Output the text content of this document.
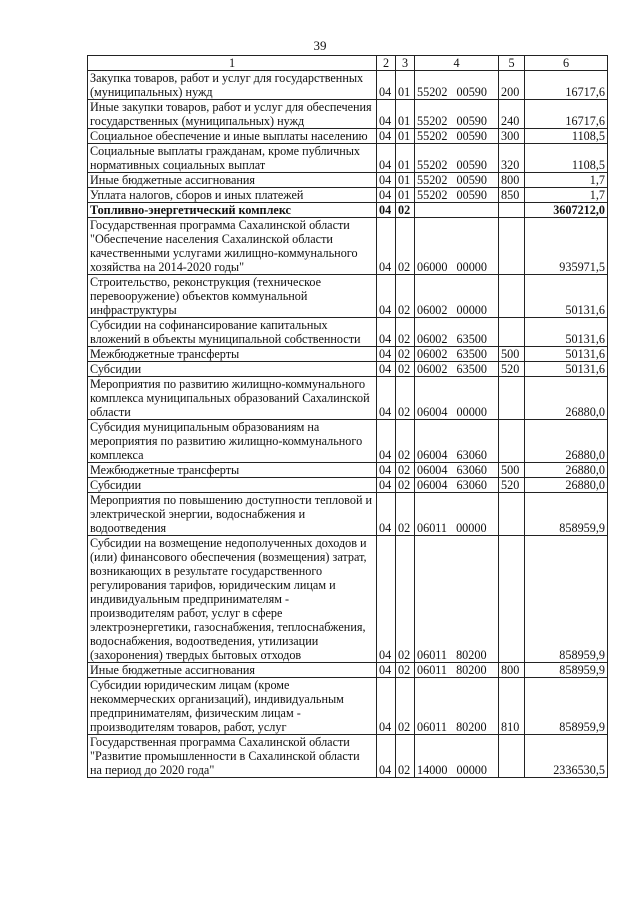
39
1	2	3	4	5	6
Закупка товаров, работ и услуг для государственных (муниципальных) нужд	04	01	55202 00590	200	16717,6
Иные закупки товаров, работ и услуг для обеспечения государственных (муниципальных) нужд	04	01	55202 00590	240	16717,6
Социальное обеспечение и иные выплаты населению	04	01	55202 00590	300	1108,5
Социальные выплаты гражданам, кроме публичных нормативных социальных выплат	04	01	55202 00590	320	1108,5
Иные бюджетные ассигнования	04	01	55202 00590	800	1,7
Уплата налогов, сборов и иных платежей	04	01	55202 00590	850	1,7
Топливно-энергетический комплекс	04	02			3607212,0
Государственная программа Сахалинской области "Обеспечение населения Сахалинской области качественными услугами жилищно-коммунального хозяйства на 2014-2020 годы"	04	02	06000 00000		935971,5
Строительство, реконструкция (техническое перевооружение) объектов коммунальной инфраструктуры	04	02	06002 00000		50131,6
Субсидии на софинансирование капитальных вложений в объекты муниципальной собственности	04	02	06002 63500		50131,6
Межбюджетные трансферты	04	02	06002 63500	500	50131,6
Субсидии	04	02	06002 63500	520	50131,6
Мероприятия по развитию жилищно-коммунального комплекса муниципальных образований Сахалинской области	04	02	06004 00000		26880,0
Субсидия муниципальным образованиям на мероприятия по развитию жилищно-коммунального комплекса	04	02	06004 63060		26880,0
Межбюджетные трансферты	04	02	06004 63060	500	26880,0
Субсидии	04	02	06004 63060	520	26880,0
Мероприятия по повышению доступности тепловой и электрической энергии, водоснабжения и водоотведения	04	02	06011 00000		858959,9
Субсидии на возмещение недополученных доходов и (или) финансового обеспечения (возмещения) затрат, возникающих в результате государственного регулирования тарифов, юридическим лицам и индивидуальным предпринимателям - производителям работ, услуг в сфере электроэнергетики, газоснабжения, теплоснабжения, водоснабжения, водоотведения, утилизации (захоронения) твердых бытовых отходов	04	02	06011 80200		858959,9
Иные бюджетные ассигнования	04	02	06011 80200	800	858959,9
Субсидии юридическим лицам (кроме некоммерческих организаций), индивидуальным предпринимателям, физическим лицам - производителям товаров, работ, услуг	04	02	06011 80200	810	858959,9
Государственная программа Сахалинской области "Развитие промышленности в Сахалинской области на период до 2020 года"	04	02	14000 00000		2336530,5
